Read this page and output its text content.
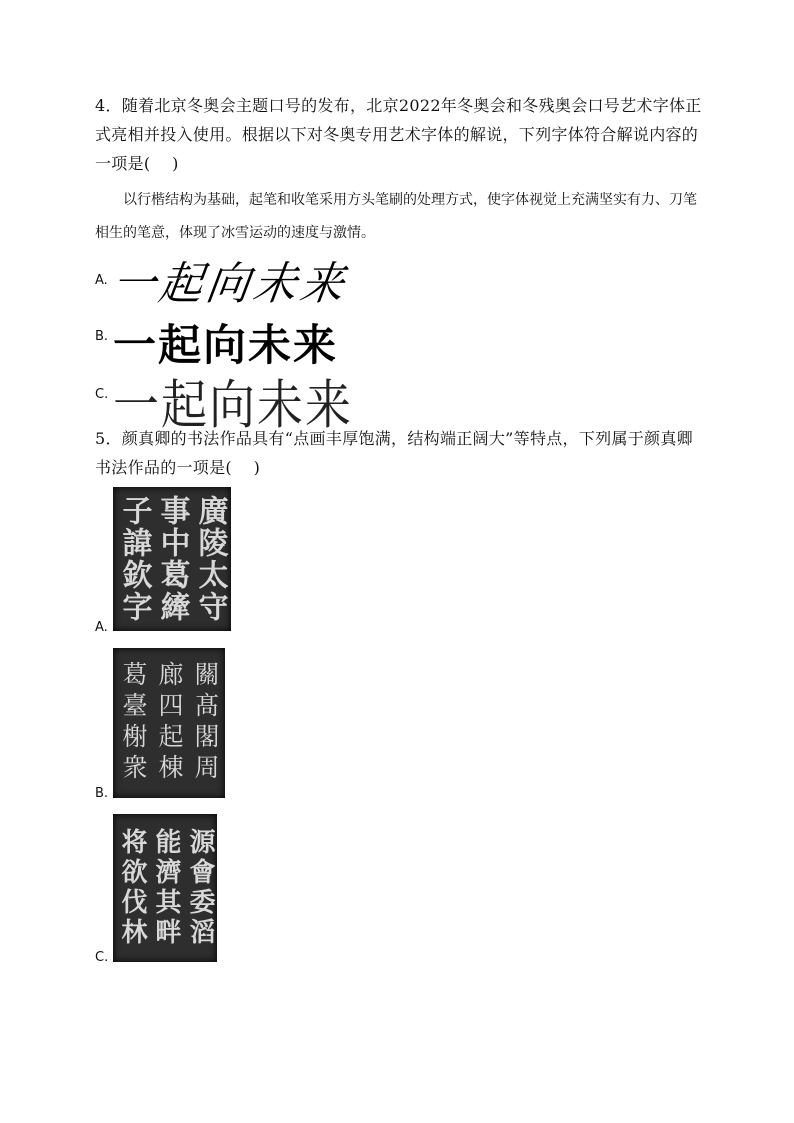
4．随着北京冬奥会主题口号的发布，北京2022年冬奥会和冬残奥会口号艺术字体正式亮相并投入使用。根据以下对冬奥专用艺术字体的解说，下列字体符合解说内容的一项是(　 )
以行楷结构为基础，起笔和收笔采用方头笔刷的处理方式，使字体视觉上充满坚实有力、刀笔相生的笔意，体现了冰雪运动的速度与激情。
A. 一
起
向
未
来
B. 一 起 向 未 来
C. 一 起 向 未 来
5．颜真卿的书法作品具有“点画丰厚饱满，结构端正阔大”等特点，下列属于颜真卿书法作品的一项是(　 )
廣陵太守
事中葛縴
子諱欽字
A.
關髙閣周
廊四起棟
葛臺榭衆
B.
源會委滔
能濟其畔
将欲伐林
C.
